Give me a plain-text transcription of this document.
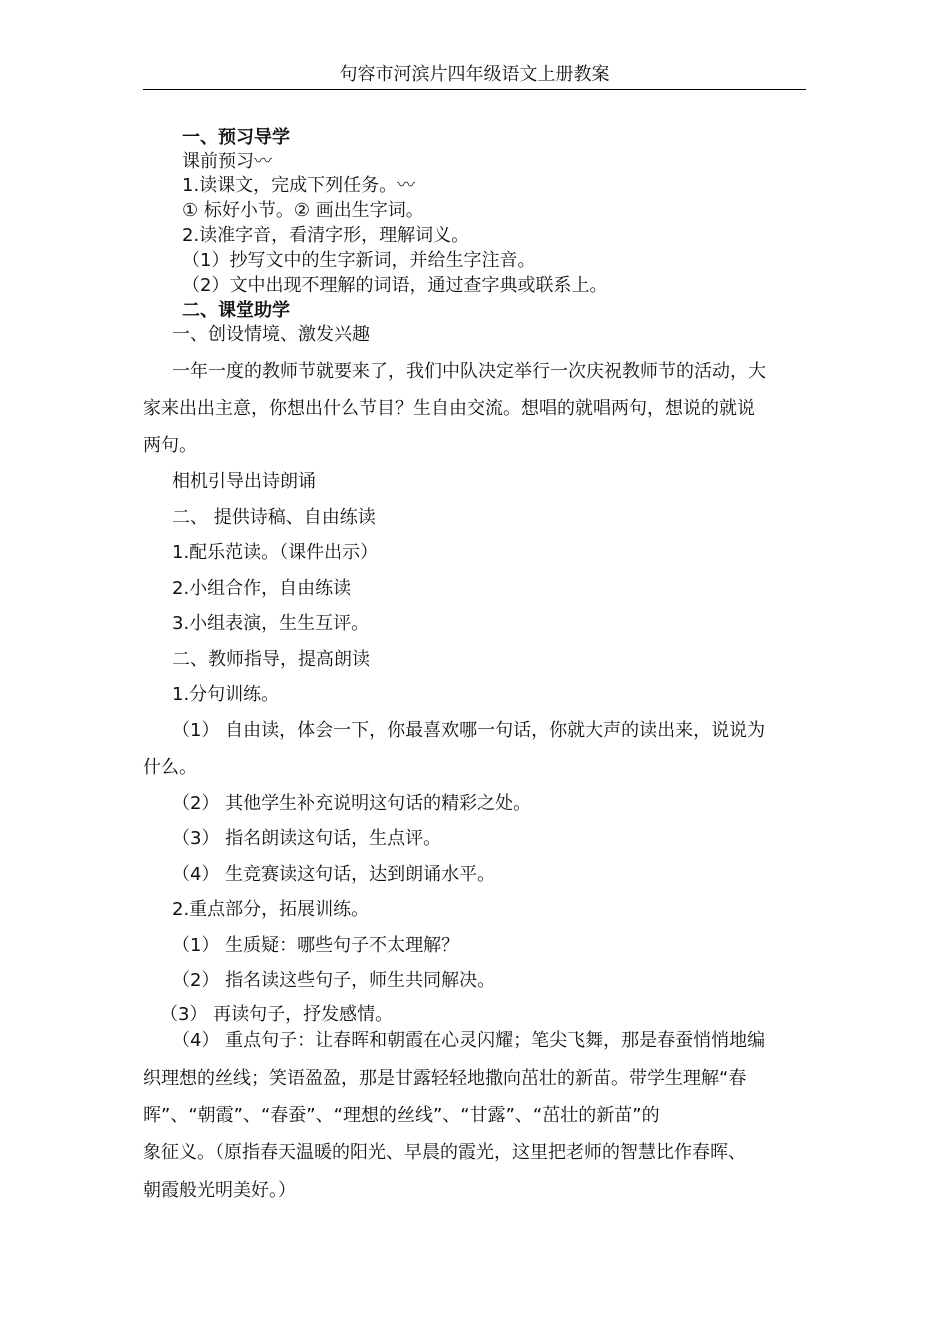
句容市河滨片四年级语文上册教案
一、预习导学
课前预习〰
1.读课文，完成下列任务。〰
① 标好小节。② 画出生字词。
2.读准字音，看清字形，理解词义。
（1）抄写文中的生字新词，并给生字注音。
（2）文中出现不理解的词语，通过查字典或联系上。
二、课堂助学
一、创设情境、激发兴趣
一年一度的教师节就要来了，我们中队决定举行一次庆祝教师节的活动，大
家来出出主意，你想出什么节目？生自由交流。想唱的就唱两句，想说的就说
两句。
相机引导出诗朗诵
二、 提供诗稿、自由练读
1.配乐范读。（课件出示）
2.小组合作，自由练读
3.小组表演，生生互评。
二、教师指导，提高朗读
1.分句训练。
（1） 自由读，体会一下，你最喜欢哪一句话，你就大声的读出来，说说为
什么。
（2） 其他学生补充说明这句话的精彩之处。
（3） 指名朗读这句话，生点评。
（4） 生竞赛读这句话，达到朗诵水平。
2.重点部分，拓展训练。
（1） 生质疑：哪些句子不太理解？
（2） 指名读这些句子，师生共同解决。
（3） 再读句子，抒发感情。
（4） 重点句子：让春晖和朝霞在心灵闪耀；笔尖飞舞，那是春蚕悄悄地编
织理想的丝线；笑语盈盈，那是甘露轻轻地撒向茁壮的新苗。带学生理解“春
晖”、“朝霞”、“春蚕”、“理想的丝线”、“甘露”、“茁壮的新苗”的
象征义。（原指春天温暖的阳光、早晨的霞光，这里把老师的智慧比作春晖、
朝霞般光明美好。）
